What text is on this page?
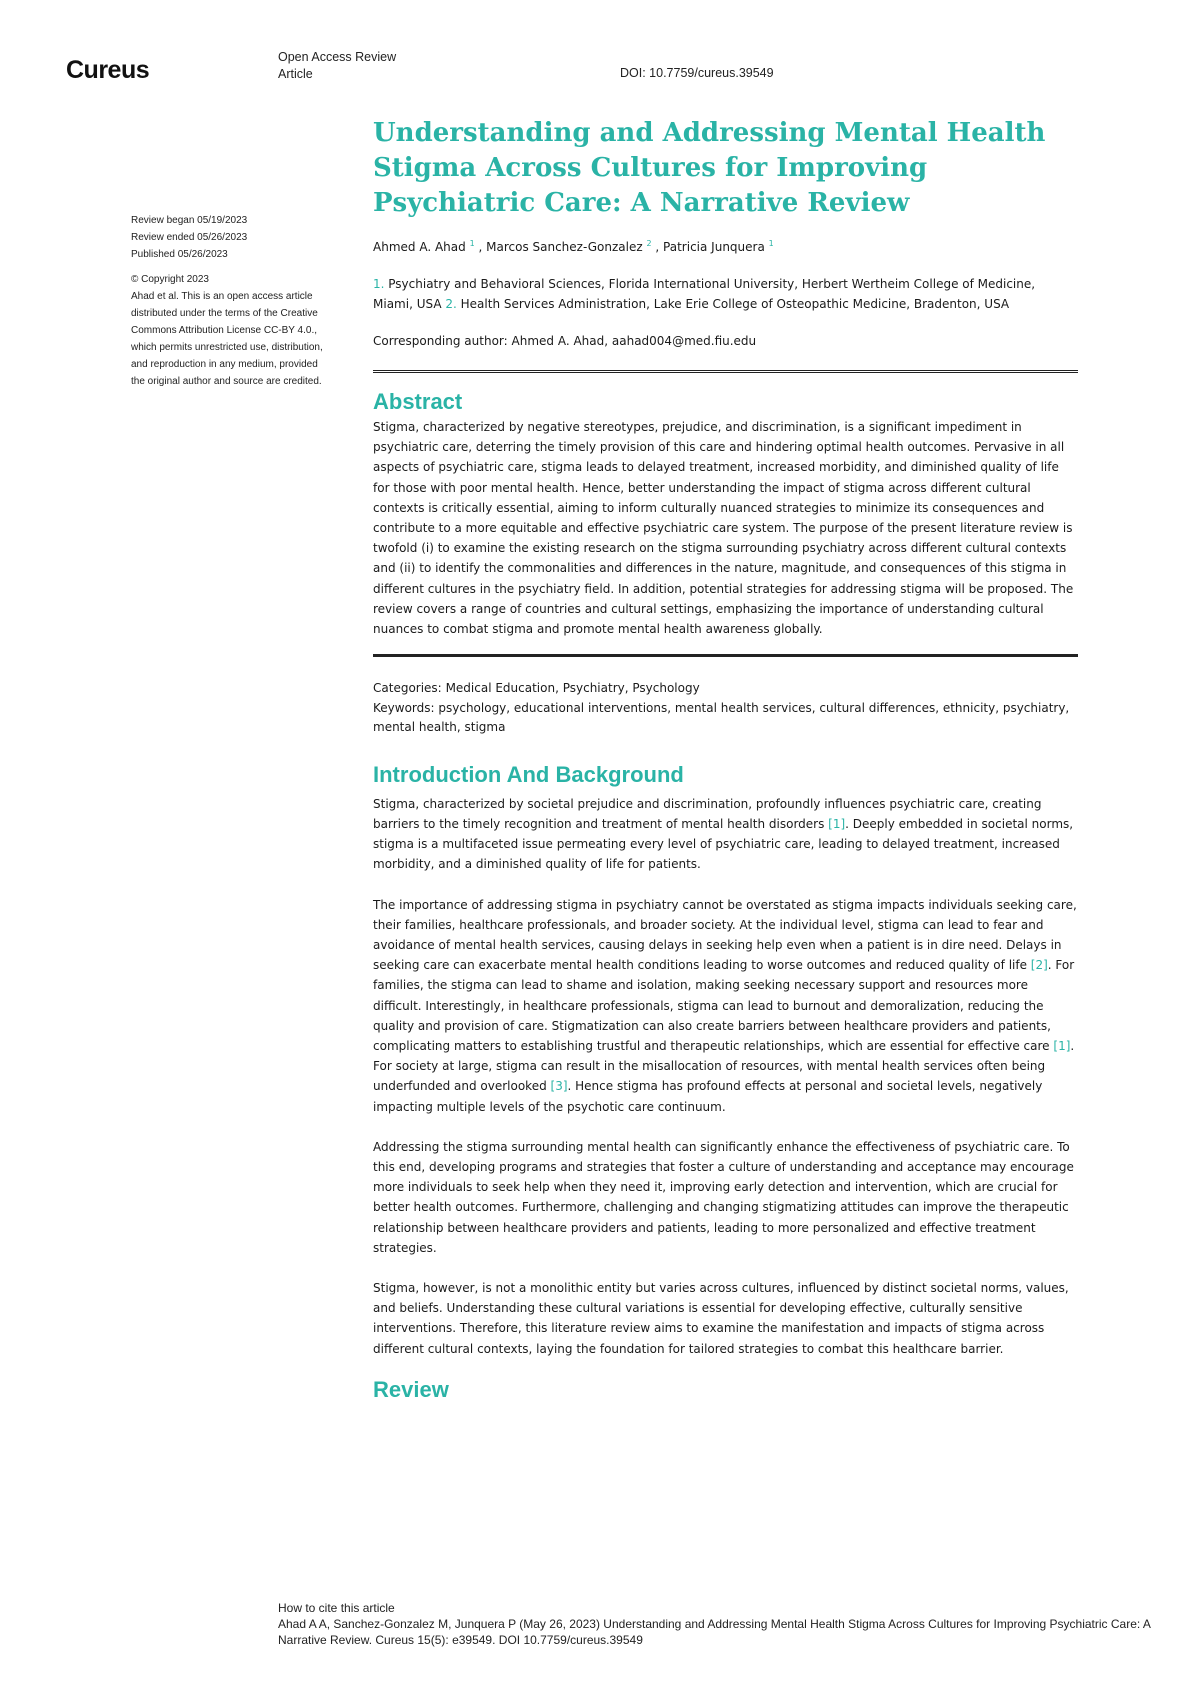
Cureus	Open Access Review
Article	DOI: 10.7759/cureus.39549
Review began 05/19/2023
Review ended 05/26/2023
Published 05/26/2023
© Copyright 2023
Ahad et al. This is an open access article
distributed under the terms of the Creative
Commons Attribution License CC-BY 4.0.,
which permits unrestricted use, distribution,
and reproduction in any medium, provided
the original author and source are credited.
Understanding and Addressing Mental Health Stigma Across Cultures for Improving Psychiatric Care: A Narrative Review
Ahmed A. Ahad $^1$ , Marcos Sanchez-Gonzalez $^2$ , Patricia Junquera $^1$
1. Psychiatry and Behavioral Sciences, Florida International University, Herbert Wertheim College of Medicine, Miami, USA 2. Health Services Administration, Lake Erie College of Osteopathic Medicine, Bradenton, USA
Corresponding author: Ahmed A. Ahad, aahad004@med.fiu.edu
Abstract

Stigma, characterized by negative stereotypes, prejudice, and discrimination, is a significant impediment in psychiatric care, deterring the timely provision of this care and hindering optimal health outcomes. Pervasive in all aspects of psychiatric care, stigma leads to delayed treatment, increased morbidity, and diminished quality of life for those with poor mental health. Hence, better understanding the impact of stigma across different cultural contexts is critically essential, aiming to inform culturally nuanced strategies to minimize its consequences and contribute to a more equitable and effective psychiatric care system. The purpose of the present literature review is twofold (i) to examine the existing research on the stigma surrounding psychiatry across different cultural contexts and (ii) to identify the commonalities and differences in the nature, magnitude, and consequences of this stigma in different cultures in the psychiatry field. In addition, potential strategies for addressing stigma will be proposed. The review covers a range of countries and cultural settings, emphasizing the importance of understanding cultural nuances to combat stigma and promote mental health awareness globally.

Categories: Medical Education, Psychiatry, Psychology
Keywords: psychology, educational interventions, mental health services, cultural differences, ethnicity, psychiatry, mental health, stigma
Introduction And Background

Stigma, characterized by societal prejudice and discrimination, profoundly influences psychiatric care, creating barriers to the timely recognition and treatment of mental health disorders [1]. Deeply embedded in societal norms, stigma is a multifaceted issue permeating every level of psychiatric care, leading to delayed treatment, increased morbidity, and a diminished quality of life for patients.

The importance of addressing stigma in psychiatry cannot be overstated as stigma impacts individuals seeking care, their families, healthcare professionals, and broader society. At the individual level, stigma can lead to fear and avoidance of mental health services, causing delays in seeking help even when a patient is in dire need. Delays in seeking care can exacerbate mental health conditions leading to worse outcomes and reduced quality of life [2]. For families, the stigma can lead to shame and isolation, making seeking necessary support and resources more difficult. Interestingly, in healthcare professionals, stigma can lead to burnout and demoralization, reducing the quality and provision of care. Stigmatization can also create barriers between healthcare providers and patients, complicating matters to establishing trustful and therapeutic relationships, which are essential for effective care [1]. For society at large, stigma can result in the misallocation of resources, with mental health services often being underfunded and overlooked [3]. Hence stigma has profound effects at personal and societal levels, negatively impacting multiple levels of the psychotic care continuum.

Addressing the stigma surrounding mental health can significantly enhance the effectiveness of psychiatric care. To this end, developing programs and strategies that foster a culture of understanding and acceptance may encourage more individuals to seek help when they need it, improving early detection and intervention, which are crucial for better health outcomes. Furthermore, challenging and changing stigmatizing attitudes can improve the therapeutic relationship between healthcare providers and patients, leading to more personalized and effective treatment strategies.

Stigma, however, is not a monolithic entity but varies across cultures, influenced by distinct societal norms, values, and beliefs. Understanding these cultural variations is essential for developing effective, culturally sensitive interventions. Therefore, this literature review aims to examine the manifestation and impacts of stigma across different cultural contexts, laying the foundation for tailored strategies to combat this healthcare barrier.

Review
How to cite this article
Ahad A A, Sanchez-Gonzalez M, Junquera P (May 26, 2023) Understanding and Addressing Mental Health Stigma Across Cultures for Improving Psychiatric Care: A Narrative Review. Cureus 15(5): e39549. DOI 10.7759/cureus.39549
